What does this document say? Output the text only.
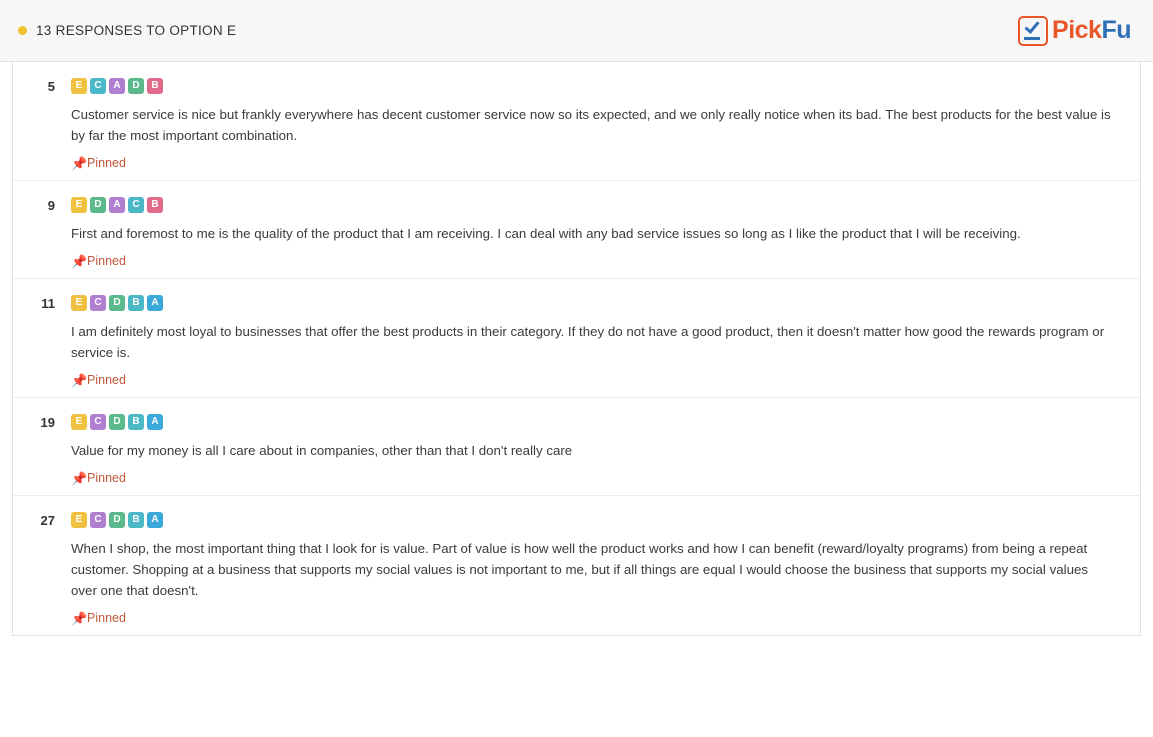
13 RESPONSES TO OPTION E	PickFu
5	E	C	A	D	B
Customer service is nice but frankly everywhere has decent customer service now so its expected, and we only really notice when its bad. The best products for the best value is by far the most important combination.
📌 Pinned
9	E	D	A	C	B
First and foremost to me is the quality of the product that I am receiving. I can deal with any bad service issues so long as I like the product that I will be receiving.
📌 Pinned
11	E	C	D	B	A
I am definitely most loyal to businesses that offer the best products in their category. If they do not have a good product, then it doesn't matter how good the rewards program or service is.
📌 Pinned
19	E	C	D	B	A
Value for my money is all I care about in companies, other than that I don't really care
📌 Pinned
27	E	C	D	B	A
When I shop, the most important thing that I look for is value. Part of value is how well the product works and how I can benefit (reward/loyalty programs) from being a repeat customer. Shopping at a business that supports my social values is not important to me, but if all things are equal I would choose the business that supports my social values over one that doesn't.
📌 Pinned
